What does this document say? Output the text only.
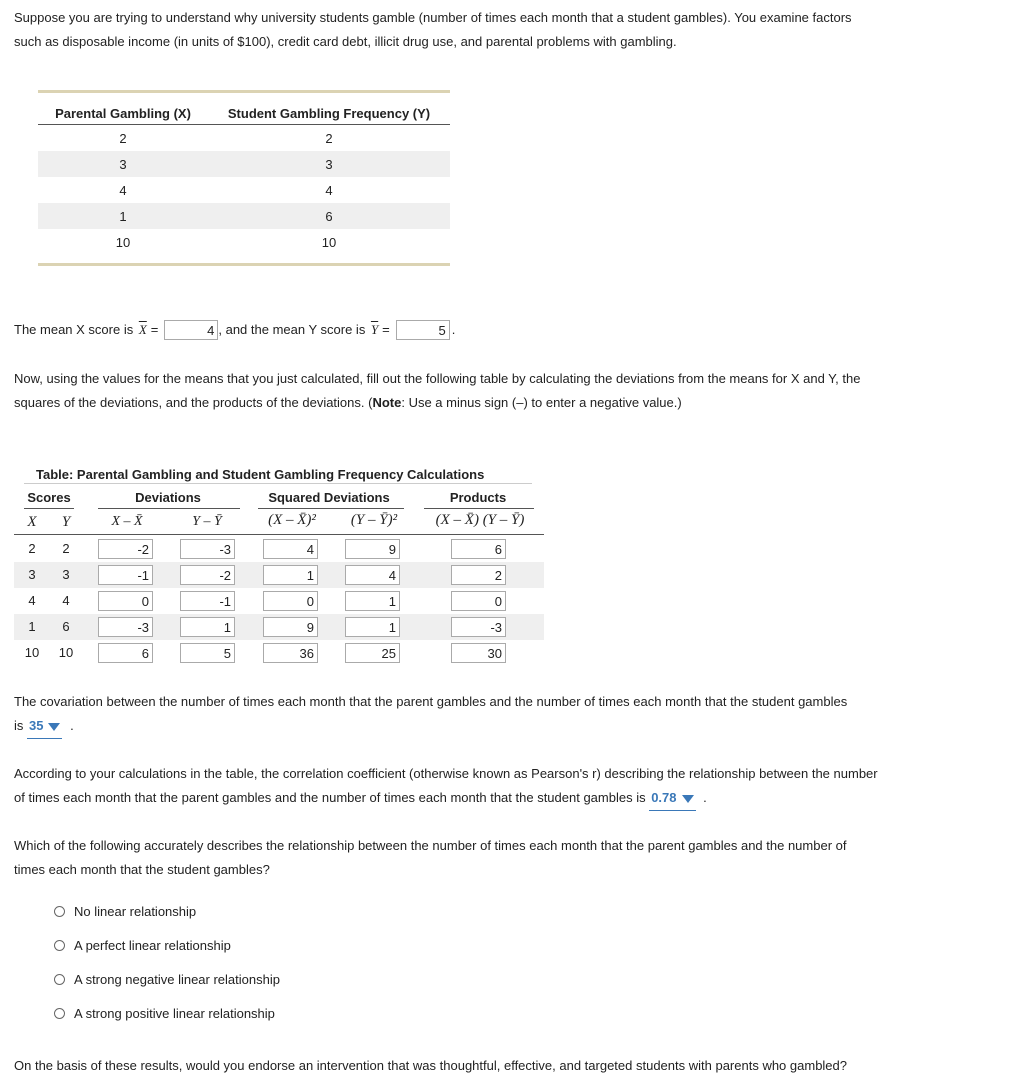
Suppose you are trying to understand why university students gamble (number of times each month that a student gambles). You examine factors
such as disposable income (in units of $100), credit card debt, illicit drug use, and parental problems with gambling.
Parental Gambling (X)	Student Gambling Frequency (Y)
2	2
3	3
4	4
1	6
10	10
The mean X score is $\overline{X}$ =	4 , and the mean Y score is $\overline{Y}$ =	5 .
Now, using the values for the means that you just calculated, fill out the following table by calculating the deviations from the means for X and Y, the
squares of the deviations, and the products of the deviations. (Note: Use a minus sign (–) to enter a negative value.)
Table: Parental Gambling and Student Gambling Frequency Calculations
Scores	Deviations	Squared Deviations	Products
X	Y	X – X̄	Y – Ȳ	(X – X̄)²	(Y – Ȳ)²	(X – X̄) (Y – Ȳ)
2	2	-2	-3	4	9	6
3	3	-1	-2	1	4	2
4	4	0	-1	0	1	0
1	6	-3	1	9	1	-3
10	10	6	5	36	25	30
The covariation between the number of times each month that the parent gambles and the number of times each month that the student gambles
is 35 .
According to your calculations in the table, the correlation coefficient (otherwise known as Pearson's r) describing the relationship between the number
of times each month that the parent gambles and the number of times each month that the student gambles is 0.78 .
Which of the following accurately describes the relationship between the number of times each month that the parent gambles and the number of
times each month that the student gambles?
No linear relationship
A perfect linear relationship
A strong negative linear relationship
A strong positive linear relationship
On the basis of these results, would you endorse an intervention that was thoughtful, effective, and targeted students with parents who gambled?
